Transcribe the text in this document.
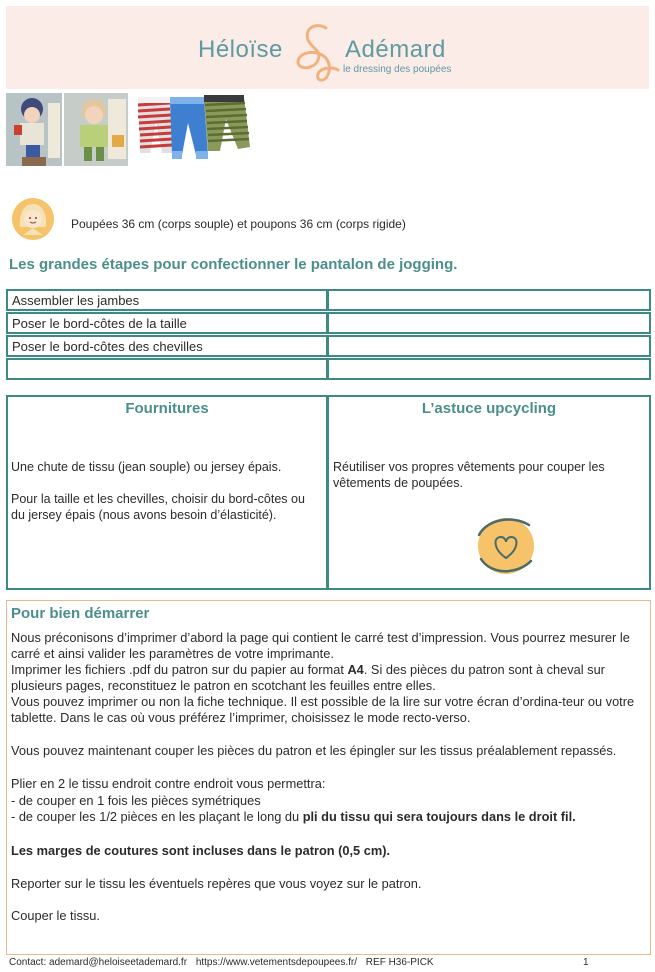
Héloïse	Adémard
le dressing des poupées
Poupées 36 cm (corps souple) et poupons 36 cm (corps rigide)
Les grandes étapes pour confectionner le pantalon de jogging.
Assembler les jambes
Poser le bord-côtes de la taille
Poser le bord-côtes des chevilles
Fournitures
Une chute de tissu (jean souple) ou jersey épais.
Pour la taille et les chevilles, choisir du bord-côtes ou du jersey épais (nous avons besoin d’élasticité).
L’astuce upcycling
Réutiliser vos propres vêtements pour couper les vêtements de poupées.
Pour bien démarrer
Nous préconisons d’imprimer d’abord la page qui contient le carré test d’impression. Vous pourrez mesurer le carré et ainsi valider les paramètres de votre imprimante.
Imprimer les fichiers .pdf du patron sur du papier au format A4. Si des pièces du patron sont à cheval sur plusieurs pages, reconstituez le patron en scotchant les feuilles entre elles.
Vous pouvez imprimer ou non la fiche technique. Il est possible de la lire sur votre écran d’ordina-teur ou votre tablette. Dans le cas où vous préférez l’imprimer, choisissez le mode recto-verso.
Vous pouvez maintenant couper les pièces du patron et les épingler sur les tissus préalablement repassés.
Plier en 2 le tissu endroit contre endroit vous permettra:
- de couper en 1 fois les pièces symétriques
- de couper les 1/2 pièces en les plaçant le long du pli du tissu qui sera toujours dans le droit fil.
Les marges de coutures sont incluses dans le patron (0,5 cm).
Reporter sur le tissu les éventuels repères que vous voyez sur le patron.
Couper le tissu.
Contact: ademard@heloiseetademard.fr https://www.vetementsdepoupees.fr/ REF H36-PICK	1
